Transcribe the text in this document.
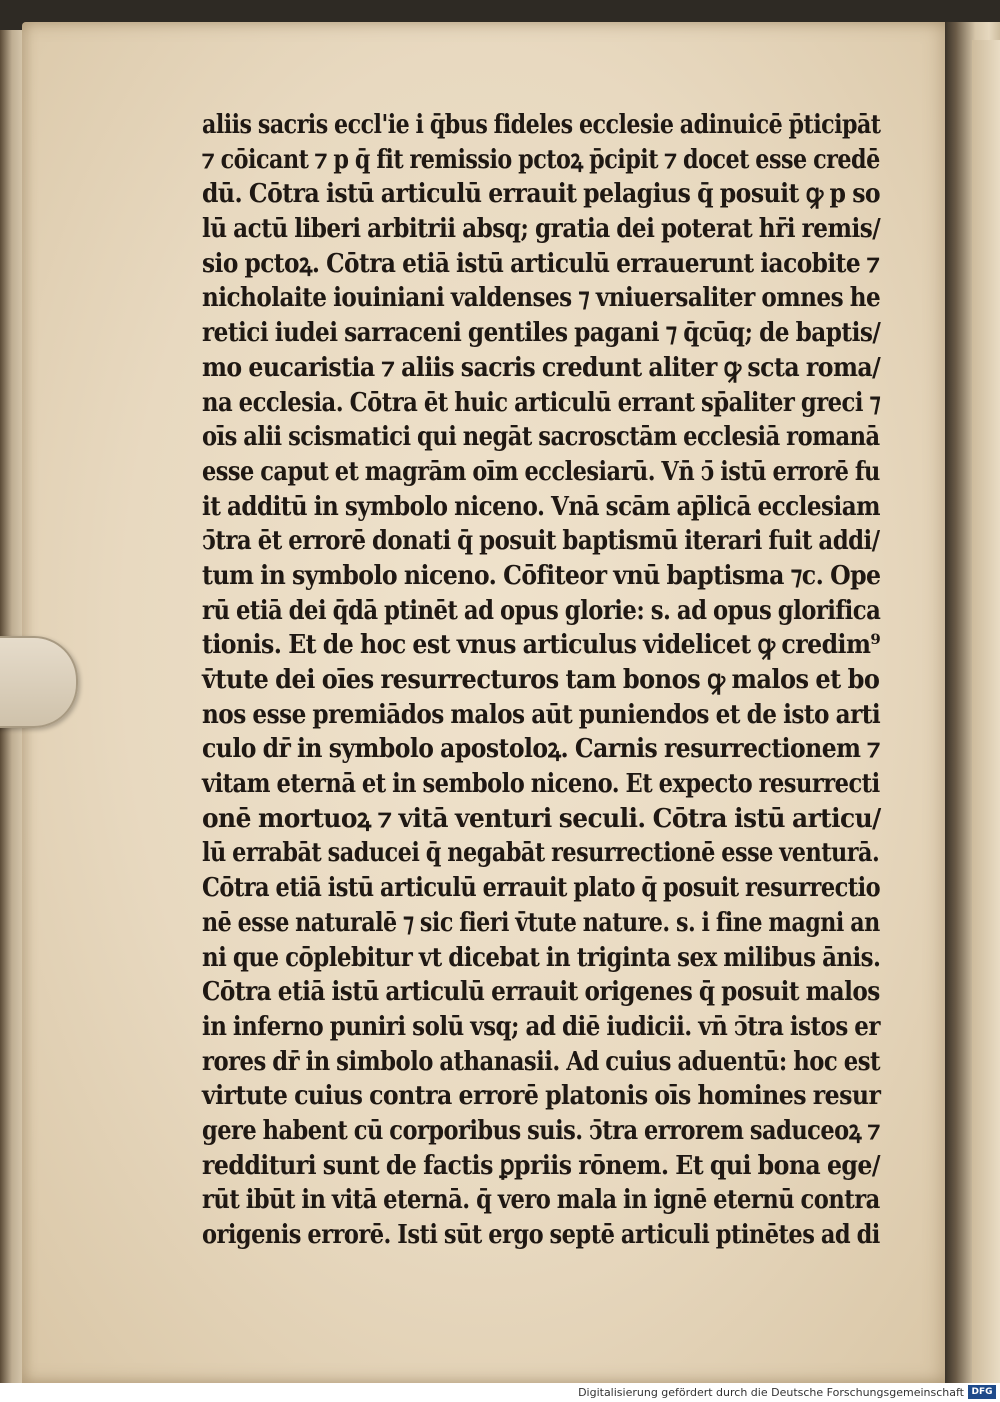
aliis sacris eccl'ie i q̄bus fideles ecclesie adinuicē p̄ticipāt
⁊ cōicant ⁊ p q̄ fit remissio pctoꝝ p̄cipit ⁊ docet esse credē
dū. Cōtra istū articulū errauit pelagius q̄ posuit ꝙ p so
lū actū liberi arbitrii absq; gratia dei poterat hr̄i remis/
sio pctoꝝ. Cōtra etiā istū articulū errauerunt iacobite ⁊
nicholaite iouiniani valdenses ⁊ vniuersaliter omnes he
retici iudei sarraceni gentiles pagani ⁊ q̄cūq; de baptis/
mo eucaristia ⁊ aliis sacris credunt aliter ꝙ scta roma/
na ecclesia. Cōtra ēt huic articulū errant sp̄aliter greci ⁊
oīs alii scismatici qui negāt sacrosctām ecclesiā romanā
esse caput et magrām oīm ecclesiarū. Vn̄ ↄ̄ istū errorē fu
it additū in symbolo niceno. Vnā scām ap̄licā ecclesiam
ↄ̄tra ēt errorē donati q̄ posuit baptismū iterari fuit addi/
tum in symbolo niceno. Cōfiteor vnū baptisma ⁊c. Ope
rū etiā dei q̄dā ptinēt ad opus glorie: s. ad opus glorifica
tionis. Et de hoc est vnus articulus videlicet ꝙ credim⁹
v̄tute dei oīes resurrecturos tam bonos ꝙ malos et bo
nos esse premiādos malos aūt puniendos et de isto arti
culo dr̄ in symbolo apostoloꝝ. Carnis resurrectionem ⁊
vitam eternā et in sembolo niceno. Et expecto resurrecti
onē mortuoꝝ ⁊ vitā venturi seculi. Cōtra istū articu/
lū errabāt saducei q̄ negabāt resurrectionē esse venturā.
Cōtra etiā istū articulū errauit plato q̄ posuit resurrectio
nē esse naturalē ⁊ sic fieri v̄tute nature. s. i fine magni an
ni que cōplebitur vt dicebat in triginta sex milibus ānis.
Cōtra etiā istū articulū errauit origenes q̄ posuit malos
in inferno puniri solū vsq; ad diē iudicii. vn̄ ↄ̄tra istos er
rores dr̄ in simbolo athanasii. Ad cuius aduentū: hoc est
virtute cuius contra errorē platonis oīs homines resur
gere habent cū corporibus suis. ↄ̄tra errorem saduceoꝝ ⁊
reddituri sunt de factis ꝑpriis rōnem. Et qui bona ege/
rūt ibūt in vitā eternā. q̄ vero mala in ignē eternū contra
origenis errorē. Isti sūt ergo septē articuli ptinētes ad di
Digitalisierung gefördert durch die Deutsche Forschungsgemeinschaft DFG
